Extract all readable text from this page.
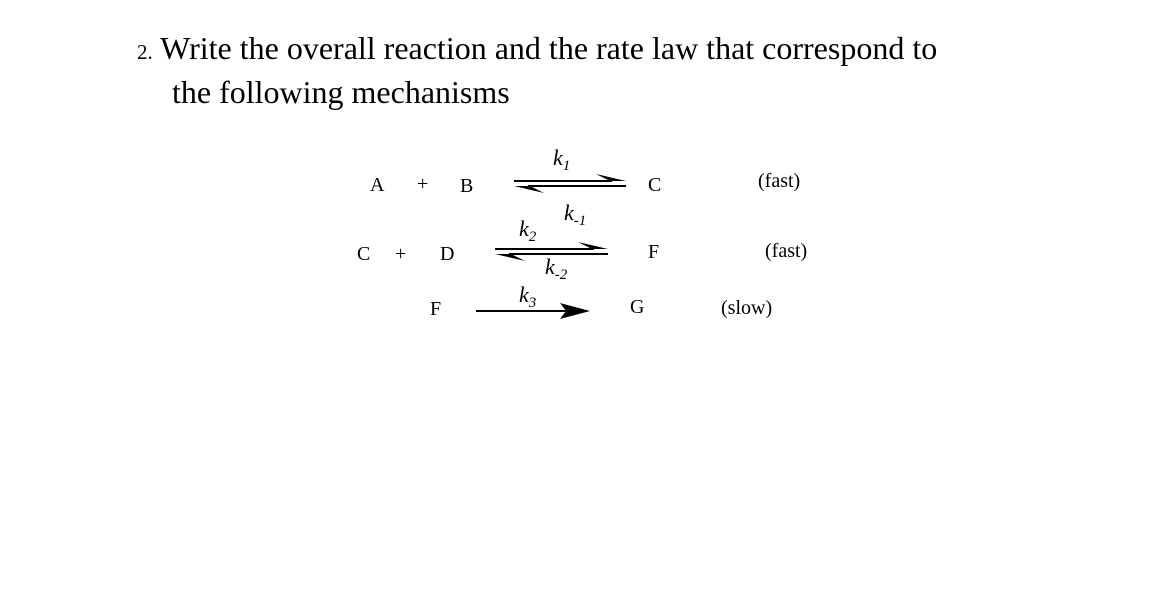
2. Write the overall reaction and the rate law that correspond to
the following mechanisms
A + B
$k_1$
$k_{-1}$
C	(fast)
C + D
$k_2$
$k_{-2}$
F	(fast)
F
$k_3$	G	(slow)
